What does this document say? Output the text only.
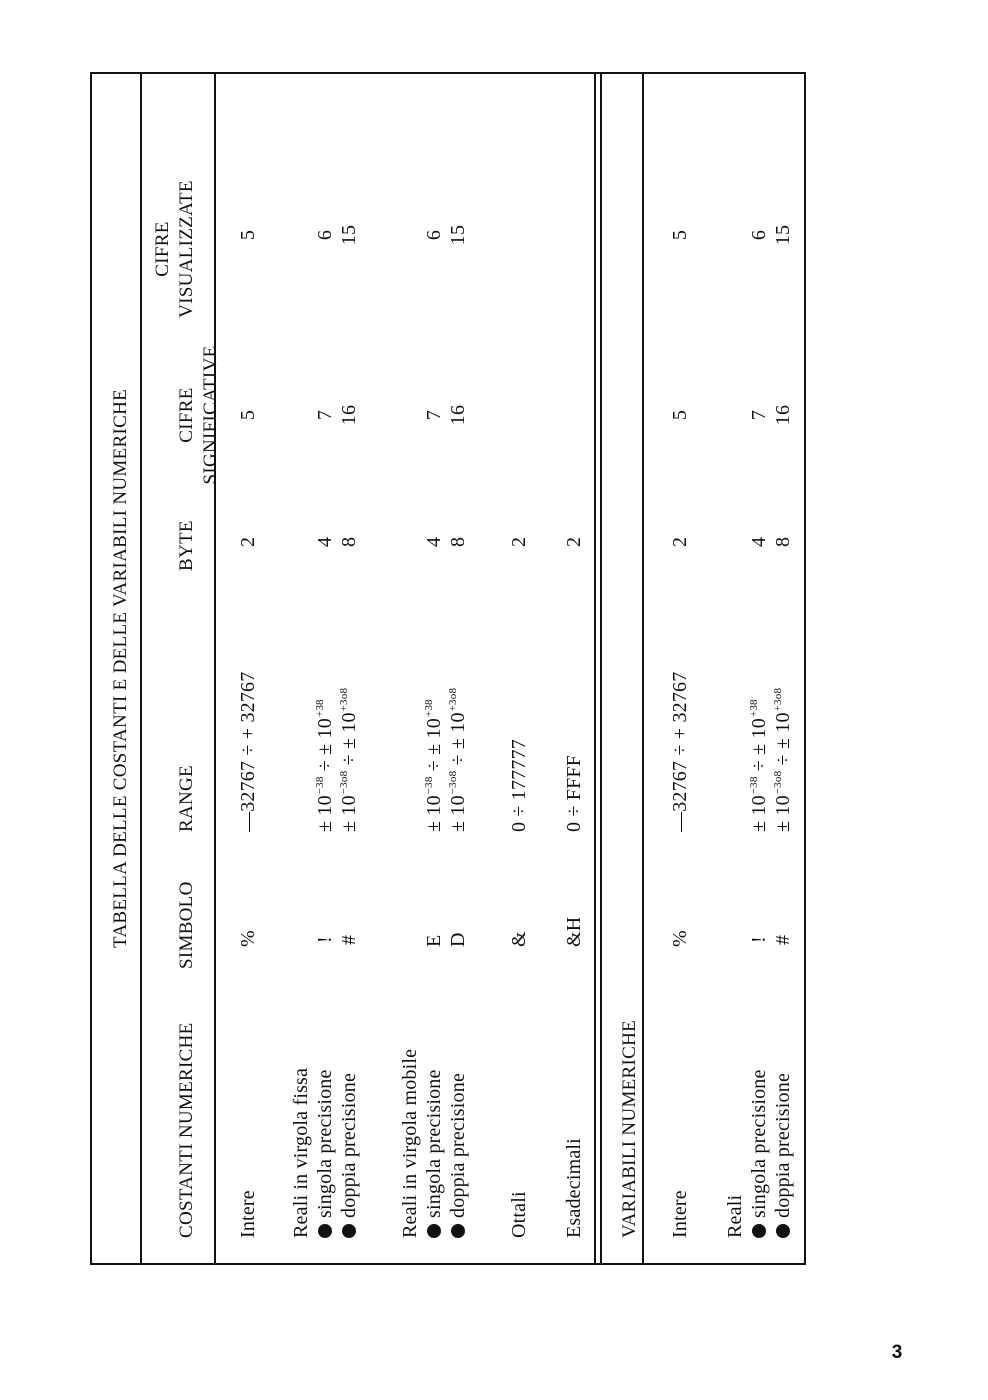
TABELLA DELLE COSTANTI E DELLE VARIABILI NUMERICHE
COSTANTI NUMERICHE
SIMBOLO
RANGE
BYTE
CIFRE SIGNIFICATIVE
CIFRE VISUALIZZATE
Intere
%
—32767 ÷ + 32767
2
5
5
Reali in virgola fissa singola precisione doppia precisione
! #
± $10^{-38}$ ÷ ± $10^{+38}$
± $10^{-3o8}$ ÷ ± $10^{+3o8}$
4 8
7 16
6 15
Reali in virgola mobile singola precisione doppia precisione
E D
± $10^{-38}$ ÷ ± $10^{+38}$
± $10^{-3o8}$ ÷ ± $10^{+3o8}$
4 8
7 16
6 15
Ottali
&
0 ÷ 177777
2
Esadecimali
&H
0 ÷ FFFF
2
VARIABILI NUMERICHE Intere
%
—32767 ÷ + 32767
2
5
5
Reali singola precisione doppia precisione
! #
± $10^{-38}$ ÷ ± $10^{+38}$
± $10^{-3o8}$ ÷ ± $10^{+3o8}$
4 8
7 16
6 15
3
